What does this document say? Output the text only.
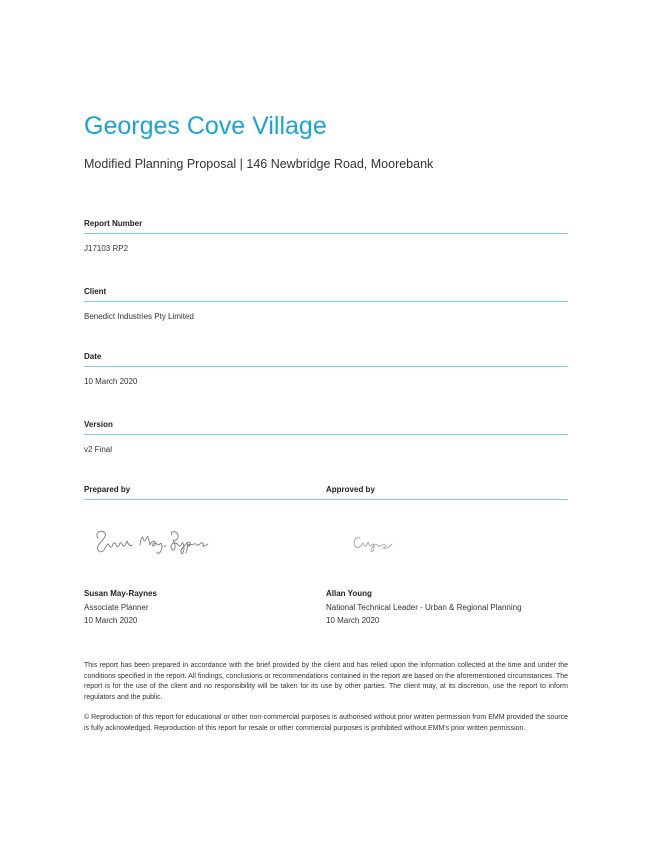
Georges Cove Village
Modified Planning Proposal | 146 Newbridge Road, Moorebank
Report Number
J17103 RP2
Client
Benedict Industries Pty Limited
Date
10 March 2020
Version
v2 Final
Prepared by	Approved by
Susan May-Raynes
Associate Planner
10 March 2020
Allan Young
National Technical Leader - Urban & Regional Planning
10 March 2020

This report has been prepared in accordance with the brief provided by the client and has relied upon the information collected at the time and under the conditions specified in the report. All findings, conclusions or recommendations contained in the report are based on the aforementioned circumstances. The report is for the use of the client and no responsibility will be taken for its use by other parties. The client may, at its discretion, use the report to inform regulators and the public.

© Reproduction of this report for educational or other non-commercial purposes is authorised without prior written permission from EMM provided the source is fully acknowledged. Reproduction of this report for resale or other commercial purposes is prohibited without EMM's prior written permission.
